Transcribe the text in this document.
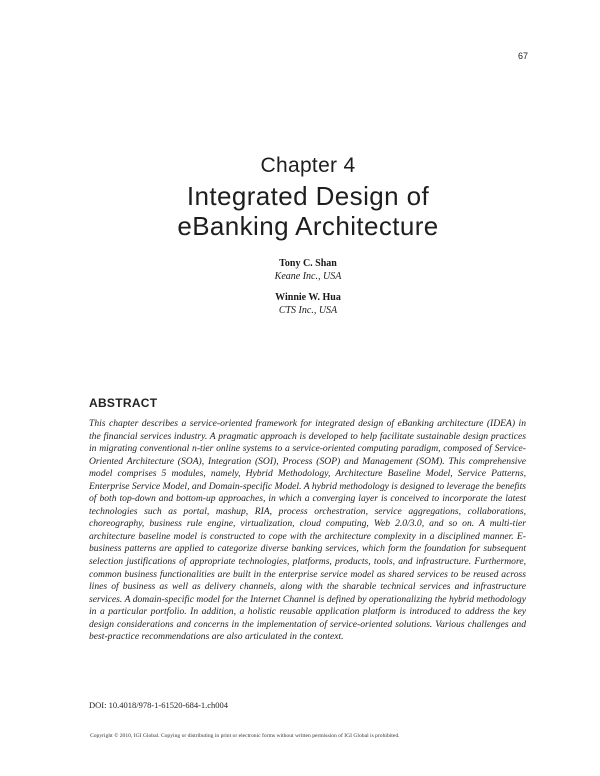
67
Chapter 4
Integrated Design of
eBanking Architecture
Tony C. Shan
Keane Inc., USA
Winnie W. Hua
CTS Inc., USA
ABSTRACT
This chapter describes a service-oriented framework for integrated design of eBanking architecture (IDEA) in the financial services industry. A pragmatic approach is developed to help facilitate sustainable design practices in migrating conventional n-tier online systems to a service-oriented computing paradigm, composed of Service-Oriented Architecture (SOA), Integration (SOI), Process (SOP) and Management (SOM). This comprehensive model comprises 5 modules, namely, Hybrid Methodology, Architecture Baseline Model, Service Patterns, Enterprise Service Model, and Domain-specific Model. A hybrid methodology is designed to leverage the benefits of both top-down and bottom-up approaches, in which a converging layer is conceived to incorporate the latest technologies such as portal, mashup, RIA, process orchestration, service aggregations, collaborations, choreography, business rule engine, virtualization, cloud computing, Web 2.0/3.0, and so on. A multi-tier architecture baseline model is constructed to cope with the architecture complexity in a disciplined manner. E-business patterns are applied to categorize diverse banking services, which form the foundation for subsequent selection justifications of appropriate technologies, platforms, products, tools, and infrastructure. Furthermore, common business functionalities are built in the enterprise service model as shared services to be reused across lines of business as well as delivery channels, along with the sharable technical services and infrastructure services. A domain-specific model for the Internet Channel is defined by operationalizing the hybrid methodology in a particular portfolio. In addition, a holistic reusable application platform is introduced to address the key design considerations and concerns in the implementation of service-oriented solutions. Various challenges and best-practice recommendations are also articulated in the context.
DOI: 10.4018/978-1-61520-684-1.ch004
Copyright © 2010, IGI Global. Copying or distributing in print or electronic forms without written permission of IGI Global is prohibited.
